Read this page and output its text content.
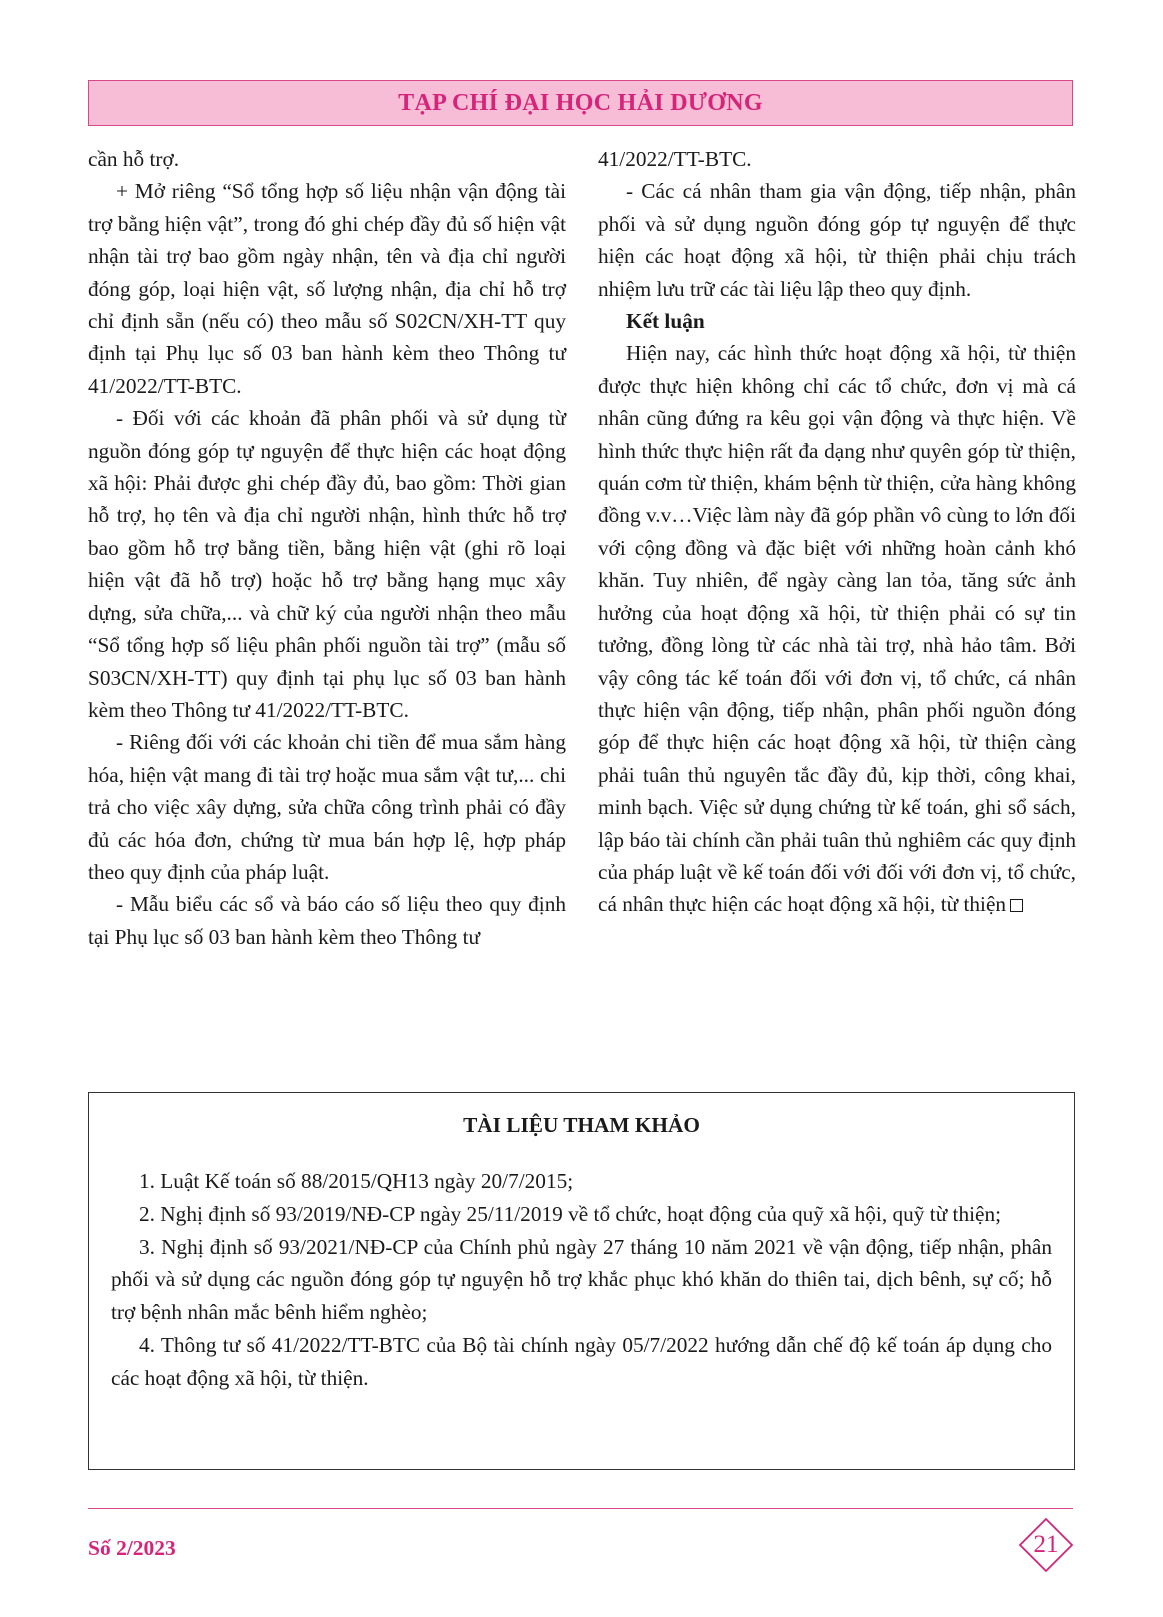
TẠP CHÍ ĐẠI HỌC HẢI DƯƠNG

cần hỗ trợ.

+ Mở riêng “Sổ tổng hợp số liệu nhận vận động tài trợ bằng hiện vật”, trong đó ghi chép đầy đủ số hiện vật nhận tài trợ bao gồm ngày nhận, tên và địa chỉ người đóng góp, loại hiện vật, số lượng nhận, địa chỉ hỗ trợ chỉ định sẵn (nếu có) theo mẫu số S02CN/XH-TT quy định tại Phụ lục số 03 ban hành kèm theo Thông tư 41/2022/TT-BTC.

- Đối với các khoản đã phân phối và sử dụng từ nguồn đóng góp tự nguyện để thực hiện các hoạt động xã hội: Phải được ghi chép đầy đủ, bao gồm: Thời gian hỗ trợ, họ tên và địa chỉ người nhận, hình thức hỗ trợ bao gồm hỗ trợ bằng tiền, bằng hiện vật (ghi rõ loại hiện vật đã hỗ trợ) hoặc hỗ trợ bằng hạng mục xây dựng, sửa chữa,... và chữ ký của người nhận theo mẫu “Sổ tổng hợp số liệu phân phối nguồn tài trợ” (mẫu số S03CN/XH-TT) quy định tại phụ lục số 03 ban hành kèm theo Thông tư 41/2022/TT-BTC.

- Riêng đối với các khoản chi tiền để mua sắm hàng hóa, hiện vật mang đi tài trợ hoặc mua sắm vật tư,... chi trả cho việc xây dựng, sửa chữa công trình phải có đầy đủ các hóa đơn, chứng từ mua bán hợp lệ, hợp pháp theo quy định của pháp luật.

- Mẫu biểu các sổ và báo cáo số liệu theo quy định tại Phụ lục số 03 ban hành kèm theo Thông tư

41/2022/TT-BTC.

- Các cá nhân tham gia vận động, tiếp nhận, phân phối và sử dụng nguồn đóng góp tự nguyện để thực hiện các hoạt động xã hội, từ thiện phải chịu trách nhiệm lưu trữ các tài liệu lập theo quy định.

Kết luận

Hiện nay, các hình thức hoạt động xã hội, từ thiện được thực hiện không chỉ các tổ chức, đơn vị mà cá nhân cũng đứng ra kêu gọi vận động và thực hiện. Về hình thức thực hiện rất đa dạng như quyên góp từ thiện, quán cơm từ thiện, khám bệnh từ thiện, cửa hàng không đồng v.v…Việc làm này đã góp phần vô cùng to lớn đối với cộng đồng và đặc biệt với những hoàn cảnh khó khăn. Tuy nhiên, để ngày càng lan tỏa, tăng sức ảnh hưởng của hoạt động xã hội, từ thiện phải có sự tin tưởng, đồng lòng từ các nhà tài trợ, nhà hảo tâm. Bởi vậy công tác kế toán đối với đơn vị, tổ chức, cá nhân thực hiện vận động, tiếp nhận, phân phối nguồn đóng góp để thực hiện các hoạt động xã hội, từ thiện càng phải tuân thủ nguyên tắc đầy đủ, kịp thời, công khai, minh bạch. Việc sử dụng chứng từ kế toán, ghi sổ sách, lập báo tài chính cần phải tuân thủ nghiêm các quy định của pháp luật về kế toán đối với đối với đơn vị, tổ chức, cá nhân thực hiện các hoạt động xã hội, từ thiện

TÀI LIỆU THAM KHẢO

1. Luật Kế toán số 88/2015/QH13 ngày 20/7/2015;

2. Nghị định số 93/2019/NĐ-CP ngày 25/11/2019 về tổ chức, hoạt động của quỹ xã hội, quỹ từ thiện;

3. Nghị định số 93/2021/NĐ-CP của Chính phủ ngày 27 tháng 10 năm 2021 về vận động, tiếp nhận, phân phối và sử dụng các nguồn đóng góp tự nguyện hỗ trợ khắc phục khó khăn do thiên tai, dịch bênh, sự cố; hỗ trợ bệnh nhân mắc bênh hiểm nghèo;

4. Thông tư số 41/2022/TT-BTC của Bộ tài chính ngày 05/7/2022 hướng dẫn chế độ kế toán áp dụng cho các hoạt động xã hội, từ thiện.

Số 2/2023	21
